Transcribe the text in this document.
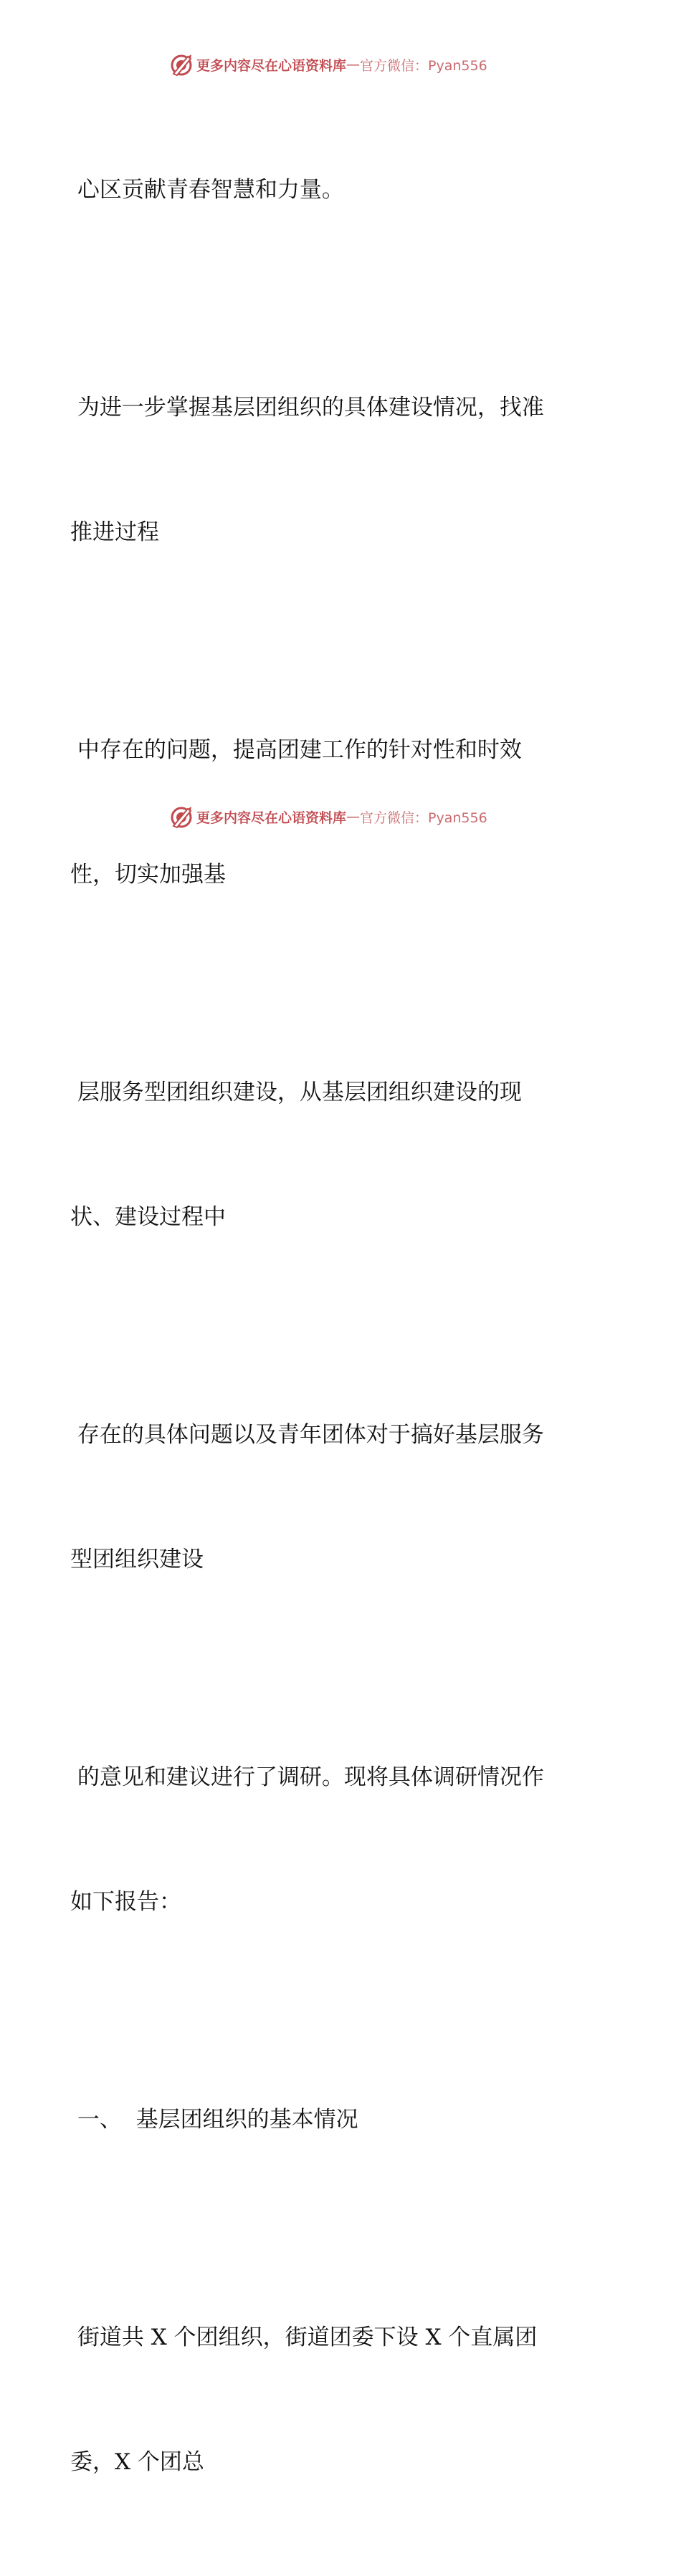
更多内容尽在心语资料库 — 官方微信：Pyan556

心区贡献青春智慧和力量。

为进一步掌握基层团组织的具体建设情况，找准

推进过程

中存在的问题，提高团建工作的针对性和时效

性，切实加强基

层服务型团组织建设，从基层团组织建设的现

状、建设过程中

存在的具体问题以及青年团体对于搞好基层服务

型团组织建设

的意见和建议进行了调研。现将具体调研情况作

如下报告：

一、  基层团组织的基本情况

街道共 X 个团组织，街道团委下设 X 个直属团

委，X 个团总

更多内容尽在心语资料库 — 官方微信：Pyan556
